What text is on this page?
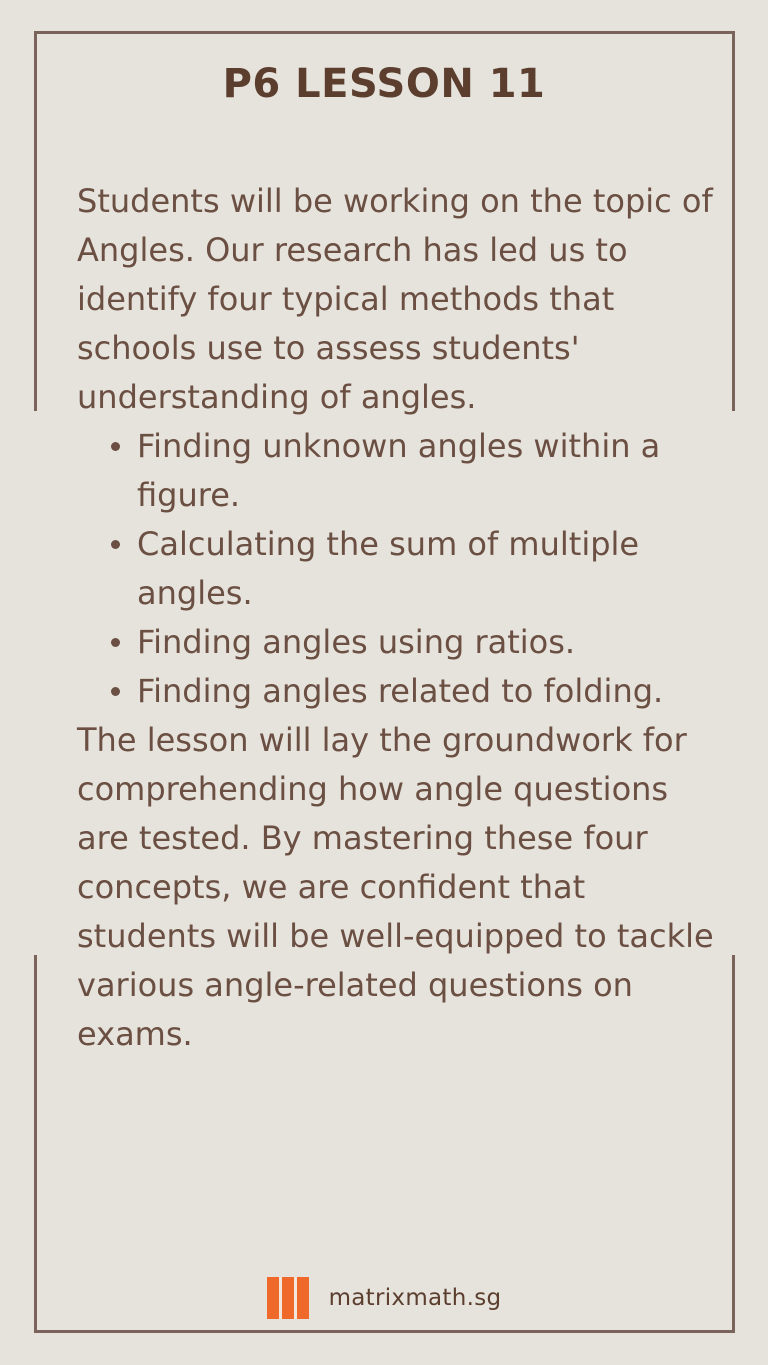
P6 LESSON 11

Students will be working on the topic of Angles. Our research has led us to identify four typical methods that schools use to assess students' understanding of angles.

Finding unknown angles within a figure.
Calculating the sum of multiple angles.
Finding angles using ratios.
Finding angles related to folding.

The lesson will lay the groundwork for comprehending how angle questions are tested. By mastering these four concepts, we are confident that students will be well-equipped to tackle various angle-related questions on exams.

matrixmath.sg
